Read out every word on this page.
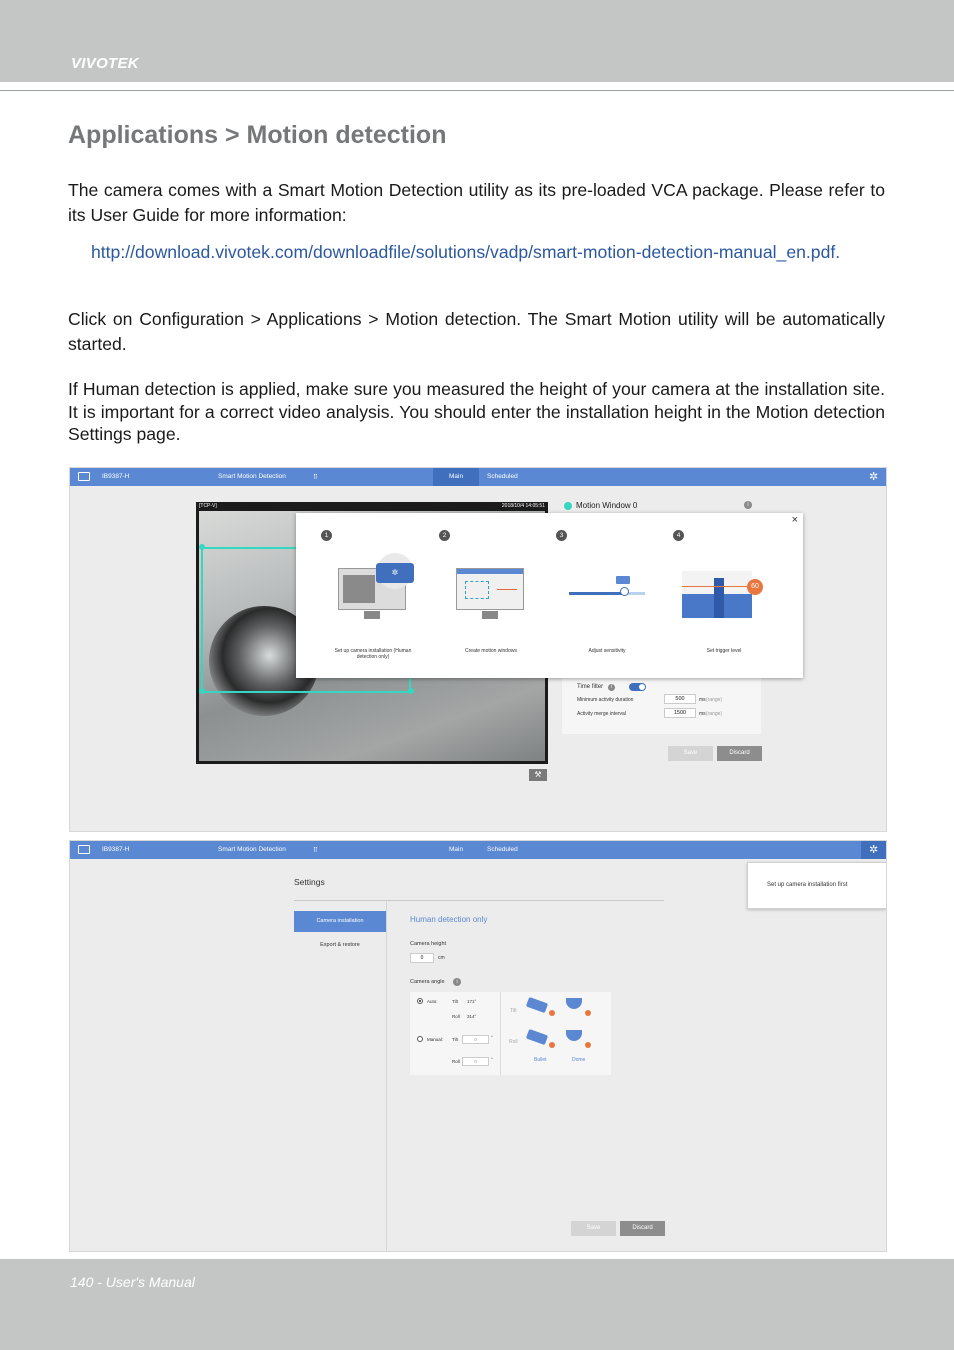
VIVOTEK
Applications > Motion detection
The camera comes with a Smart Motion Detection utility as its pre-loaded VCA package. Please refer to its User Guide for more information:
http://download.vivotek.com/downloadfile/solutions/vadp/smart-motion-detection-manual_en.pdf.
Click on Configuration > Applications > Motion detection. The Smart Motion utility will be automatically started.
If Human detection is applied, make sure you measured the height of your camera at the installation site. It is important for a correct video analysis. You should enter the installation height in the Motion detection Settings page.
IB9387-H	Smart Motion Detection	⠿	Main	Scheduled	✲
[TCP-V]	2018/10/4 14:05:51
⚒
Motion Window 0	i
Time filter	i
Minimum activity duration	500	ms (range)
Activity merge interval	1500	ms (range)
Save	Discard
×
1	2	3	4
✲
60
Set up camera installation (Human detection only)
Create motion windows	Adjust sensitivity	Set trigger level
IB9387-H	Smart Motion Detection	⠿	Main	Scheduled	✲
Set up camera installation first
Settings
Camera installation
Export & restore
Human detection only
Camera height
0	cm
Camera angle	i
Auto:	Tilt 171°
Roll 314°
Manual: Tilt	0	°
Roll	0	°
Tilt
Roll
Bullet	Dome
Save	Discard
140 - User's Manual
